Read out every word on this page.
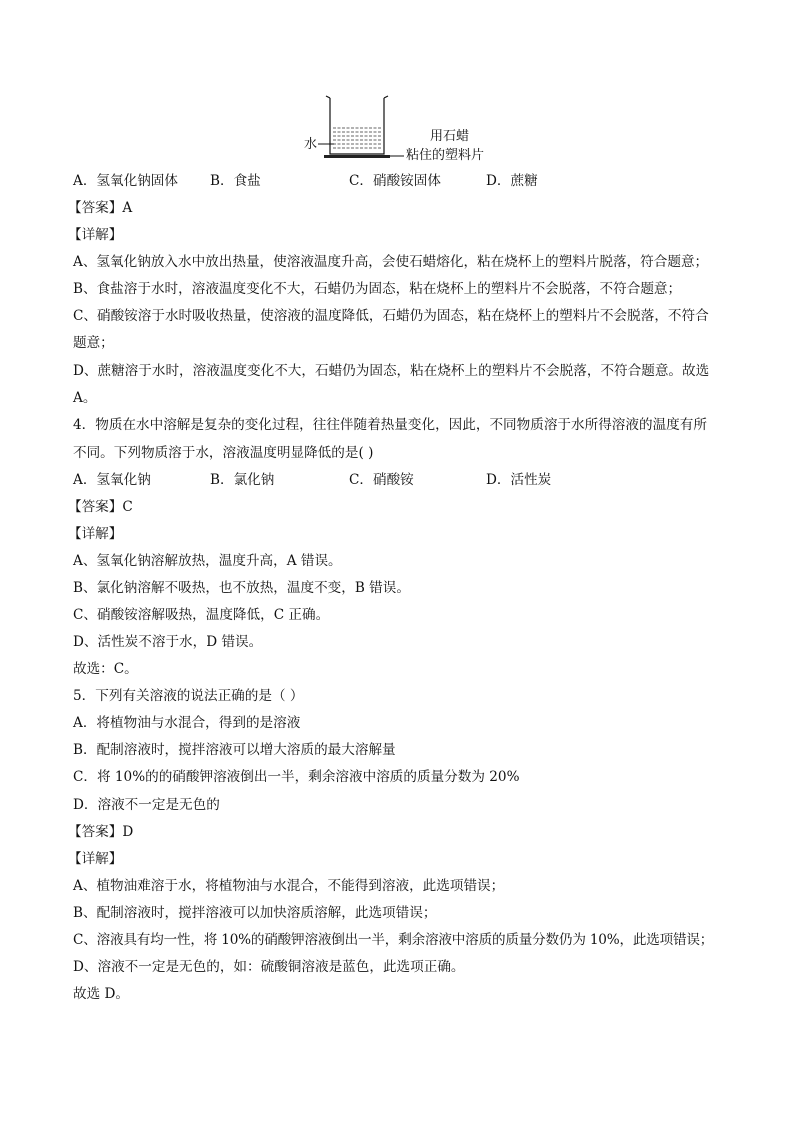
水
用石蜡
粘住的塑料片
A．氢氧化钠固体 B．食盐	C．硝酸铵固体	D．蔗糖
【答案】A
【详解】
A、氢氧化钠放入水中放出热量，使溶液温度升高，会使石蜡熔化，粘在烧杯上的塑料片脱落，符合题意；
B、食盐溶于水时，溶液温度变化不大，石蜡仍为固态，粘在烧杯上的塑料片不会脱落，不符合题意；
C、硝酸铵溶于水时吸收热量，使溶液的温度降低，石蜡仍为固态，粘在烧杯上的塑料片不会脱落，不符合
题意；
D、蔗糖溶于水时，溶液温度变化不大，石蜡仍为固态，粘在烧杯上的塑料片不会脱落，不符合题意。故选
A。
4．物质在水中溶解是复杂的变化过程，往往伴随着热量变化，因此，不同物质溶于水所得溶液的温度有所
不同。下列物质溶于水，溶液温度明显降低的是( )
A．氢氧化钠	B．氯化钠	C．硝酸铵	D．活性炭
【答案】C
【详解】
A、氢氧化钠溶解放热，温度升高，A 错误。
B、氯化钠溶解不吸热，也不放热，温度不变，B 错误。
C、硝酸铵溶解吸热，温度降低，C 正确。
D、活性炭不溶于水，D 错误。
故选：C。
5．下列有关溶液的说法正确的是（ ）
A．将植物油与水混合，得到的是溶液
B．配制溶液时，搅拌溶液可以增大溶质的最大溶解量
C．将 10%的的硝酸钾溶液倒出一半，剩余溶液中溶质的质量分数为 20%
D．溶液不一定是无色的
【答案】D
【详解】
A、植物油难溶于水，将植物油与水混合，不能得到溶液，此选项错误；
B、配制溶液时，搅拌溶液可以加快溶质溶解，此选项错误；
C、溶液具有均一性，将 10%的硝酸钾溶液倒出一半，剩余溶液中溶质的质量分数仍为 10%，此选项错误；
D、溶液不一定是无色的，如：硫酸铜溶液是蓝色，此选项正确。
故选 D。
